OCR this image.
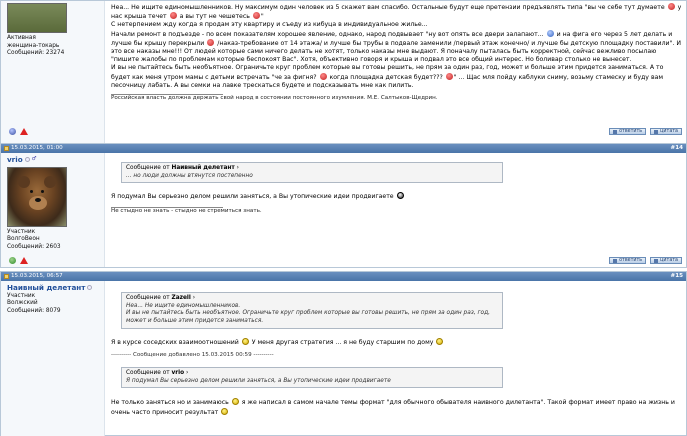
Активная
женщина-токарь
Сообщений: 23274
Неа... Не ищите единомышленников. Ну максимум один человек из 5 скажет вам спасибо. Остальные будут еще претензии предъявлять типа "вы че себе тут думаете у нас крыша течет а вы тут не чешетесь "
С нетерпением жду когда я продам эту квартиру и съеду из кибуца в индивидуальное жилье...
Начали ремонт в подъезде - по всем показателям хорошее явление, однако, народ подвывает "ну вот опять все двери залапают... и на фига его через 5 лет делать и лучше бы крышу перекрыли /наказ-требование от 14 этажа/ и лучше бы трубы в подвале заменили /первый этаж конечно/ и лучше бы детскую площадку поставили". И это все наказы мне!!! От людей которые сами ничего делать не хотят, только наказы мне выдают. Я поначалу пыталась быть корректной, сейчас вежливо посылаю "пишите жалобы по проблемам которые беспокоят Вас". Хотя, объективно говоря и крыша и подвал это все общий интерес. Но боливар столько не вынесет.
И вы не пытайтесь быть необъятное. Ограничьте круг проблем которые вы готовы решить, не прям за один раз, год, может и больше этим придется заниматься. А то будет как меня утром мамы с детьми встречать "че за фигня? когда площадка детская будет??? " ... Щас мля пойду каблуки сниму, возьму стамеску и буду вам песочницу лабать. А вы семки на лавке трескаться будете и подсказывать мне как пилить.
Российская власть должна держать свой народ в состоянии постоянного изумления. М.Е. Салтыков-Щедрин.
ответить	цитата
15.03.2015, 01:00	#14
vrio ♂
Участник
ВолгоВеон
Сообщений: 2603
Сообщение от Наивный делетант ›
... но люди должны втянутся постепенно
Я подумал Вы серьезно делом решили заняться, а Вы утопические идеи продвигаете
Не стыдно не знать - стыдно не стремиться знать.
ответить	цитата
15.03.2015, 06:57	#15
Наивный делетант
Участник
Волжский
Сообщений: 8079
Сообщение от Zazell ›
Неа... Не ищите единомышленников.
И вы не пытайтесь быть необъятное. Ограничьте круг проблем которые вы готовы решить, не прям за один раз, год, может и больше этим придется заниматься.
Я в курсе соседских взаимоотношений У меня другая стратегия ... я не буду старшим по дому
---------- Сообщение добавлено 15.03.2015 00:59 ----------
Сообщение от vrio ›
Я подумал Вы серьезно делом решили заняться, а Вы утопические идеи продвигаете
Не только заняться но и занимаюсь я же написал в самом начале темы формат "для обычного обывателя наивного дилетанта". Такой формат имеет право на жизнь и очень часто приносит результат
